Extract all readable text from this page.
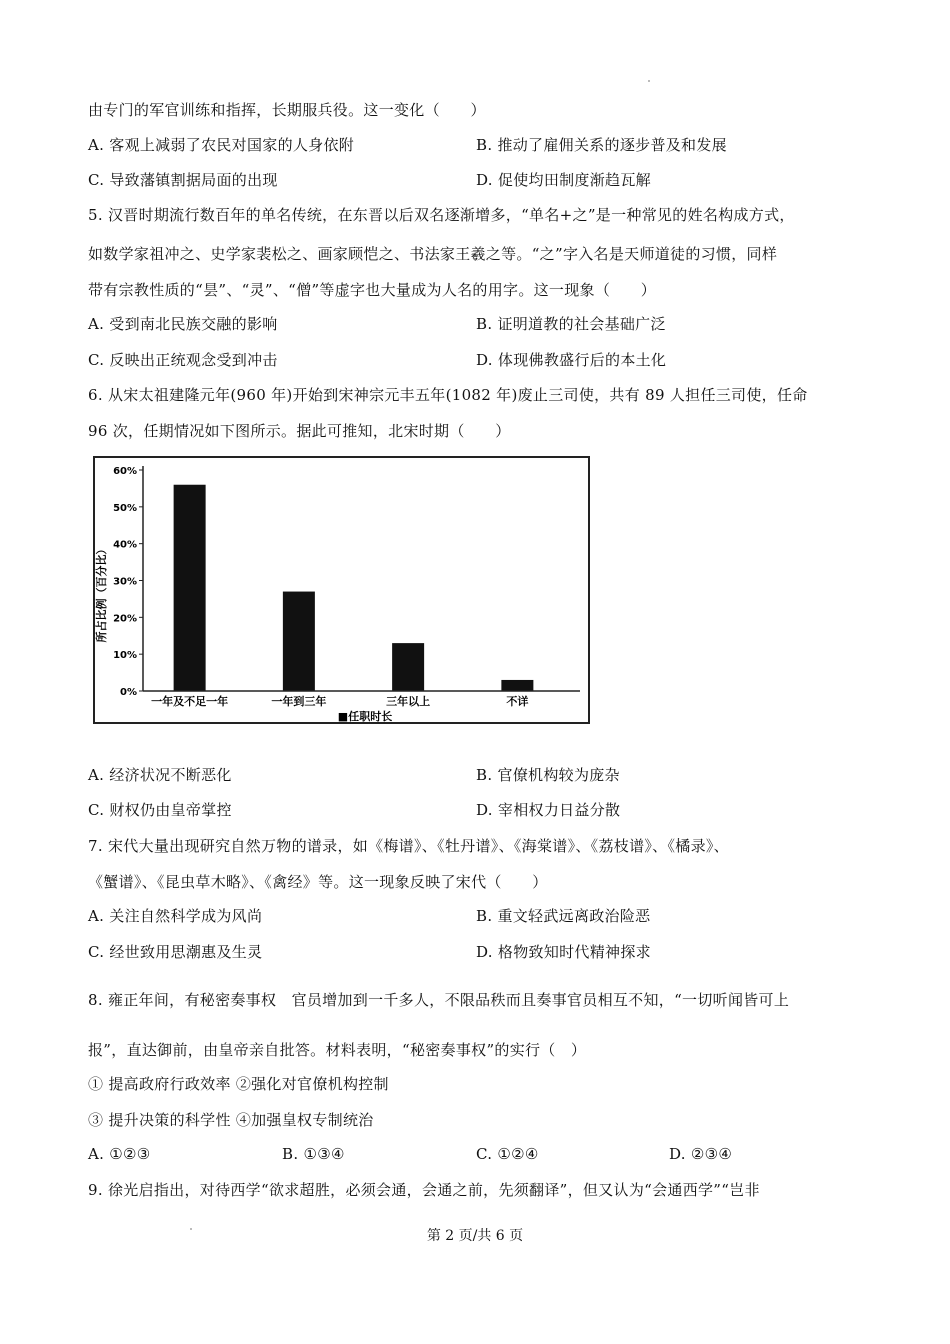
由专门的军官训练和指挥，长期服兵役。这一变化（　　）
A. 客观上减弱了农民对国家的人身依附	B. 推动了雇佣关系的逐步普及和发展
C. 导致藩镇割据局面的出现	D. 促使均田制度渐趋瓦解
5. 汉晋时期流行数百年的单名传统，在东晋以后双名逐渐增多，“单名+之”是一种常见的姓名构成方式，
如数学家祖冲之、史学家裴松之、画家顾恺之、书法家王羲之等。“之”字入名是天师道徒的习惯，同样
带有宗教性质的“昙”、“灵”、“僧”等虚字也大量成为人名的用字。这一现象（　　）
A. 受到南北民族交融的影响	B. 证明道教的社会基础广泛
C. 反映出正统观念受到冲击	D. 体现佛教盛行后的本土化
6. 从宋太祖建隆元年(960 年)开始到宋神宗元丰五年(1082 年)废止三司使，共有 89 人担任三司使，任命
96 次，任期情况如下图所示。据此可推知，北宋时期（　　）
0%
10%
20%
30%
40%
50%
60%
一年及不足一年	一年到三年	三年以上	不详
所占比例（百分比）
■任职时长
A. 经济状况不断恶化	B. 官僚机构较为庞杂
C. 财权仍由皇帝掌控	D. 宰相权力日益分散
7. 宋代大量出现研究自然万物的谱录，如《梅谱》、《牡丹谱》、《海棠谱》、《荔枝谱》、《橘录》、
《蟹谱》、《昆虫草木略》、《禽经》等。这一现象反映了宋代（　　）
A. 关注自然科学成为风尚	B. 重文轻武远离政治险恶
C. 经世致用思潮惠及生灵	D. 格物致知时代精神探求
8. 雍正年间，有秘密奏事权　官员增加到一千多人，不限品秩而且奏事官员相互不知，“一切听闻皆可上
报”，直达御前，由皇帝亲自批答。材料表明，“秘密奏事权”的实行（　）
① 提高政府行政效率 ②强化对官僚机构控制
③ 提升决策的科学性 ④加强皇权专制统治
A. ①②③	B. ①③④	C. ①②④	D. ②③④
9. 徐光启指出，对待西学“欲求超胜，必须会通，会通之前，先须翻译”，但又认为“会通西学”“岂非
第 2 页/共 6 页
